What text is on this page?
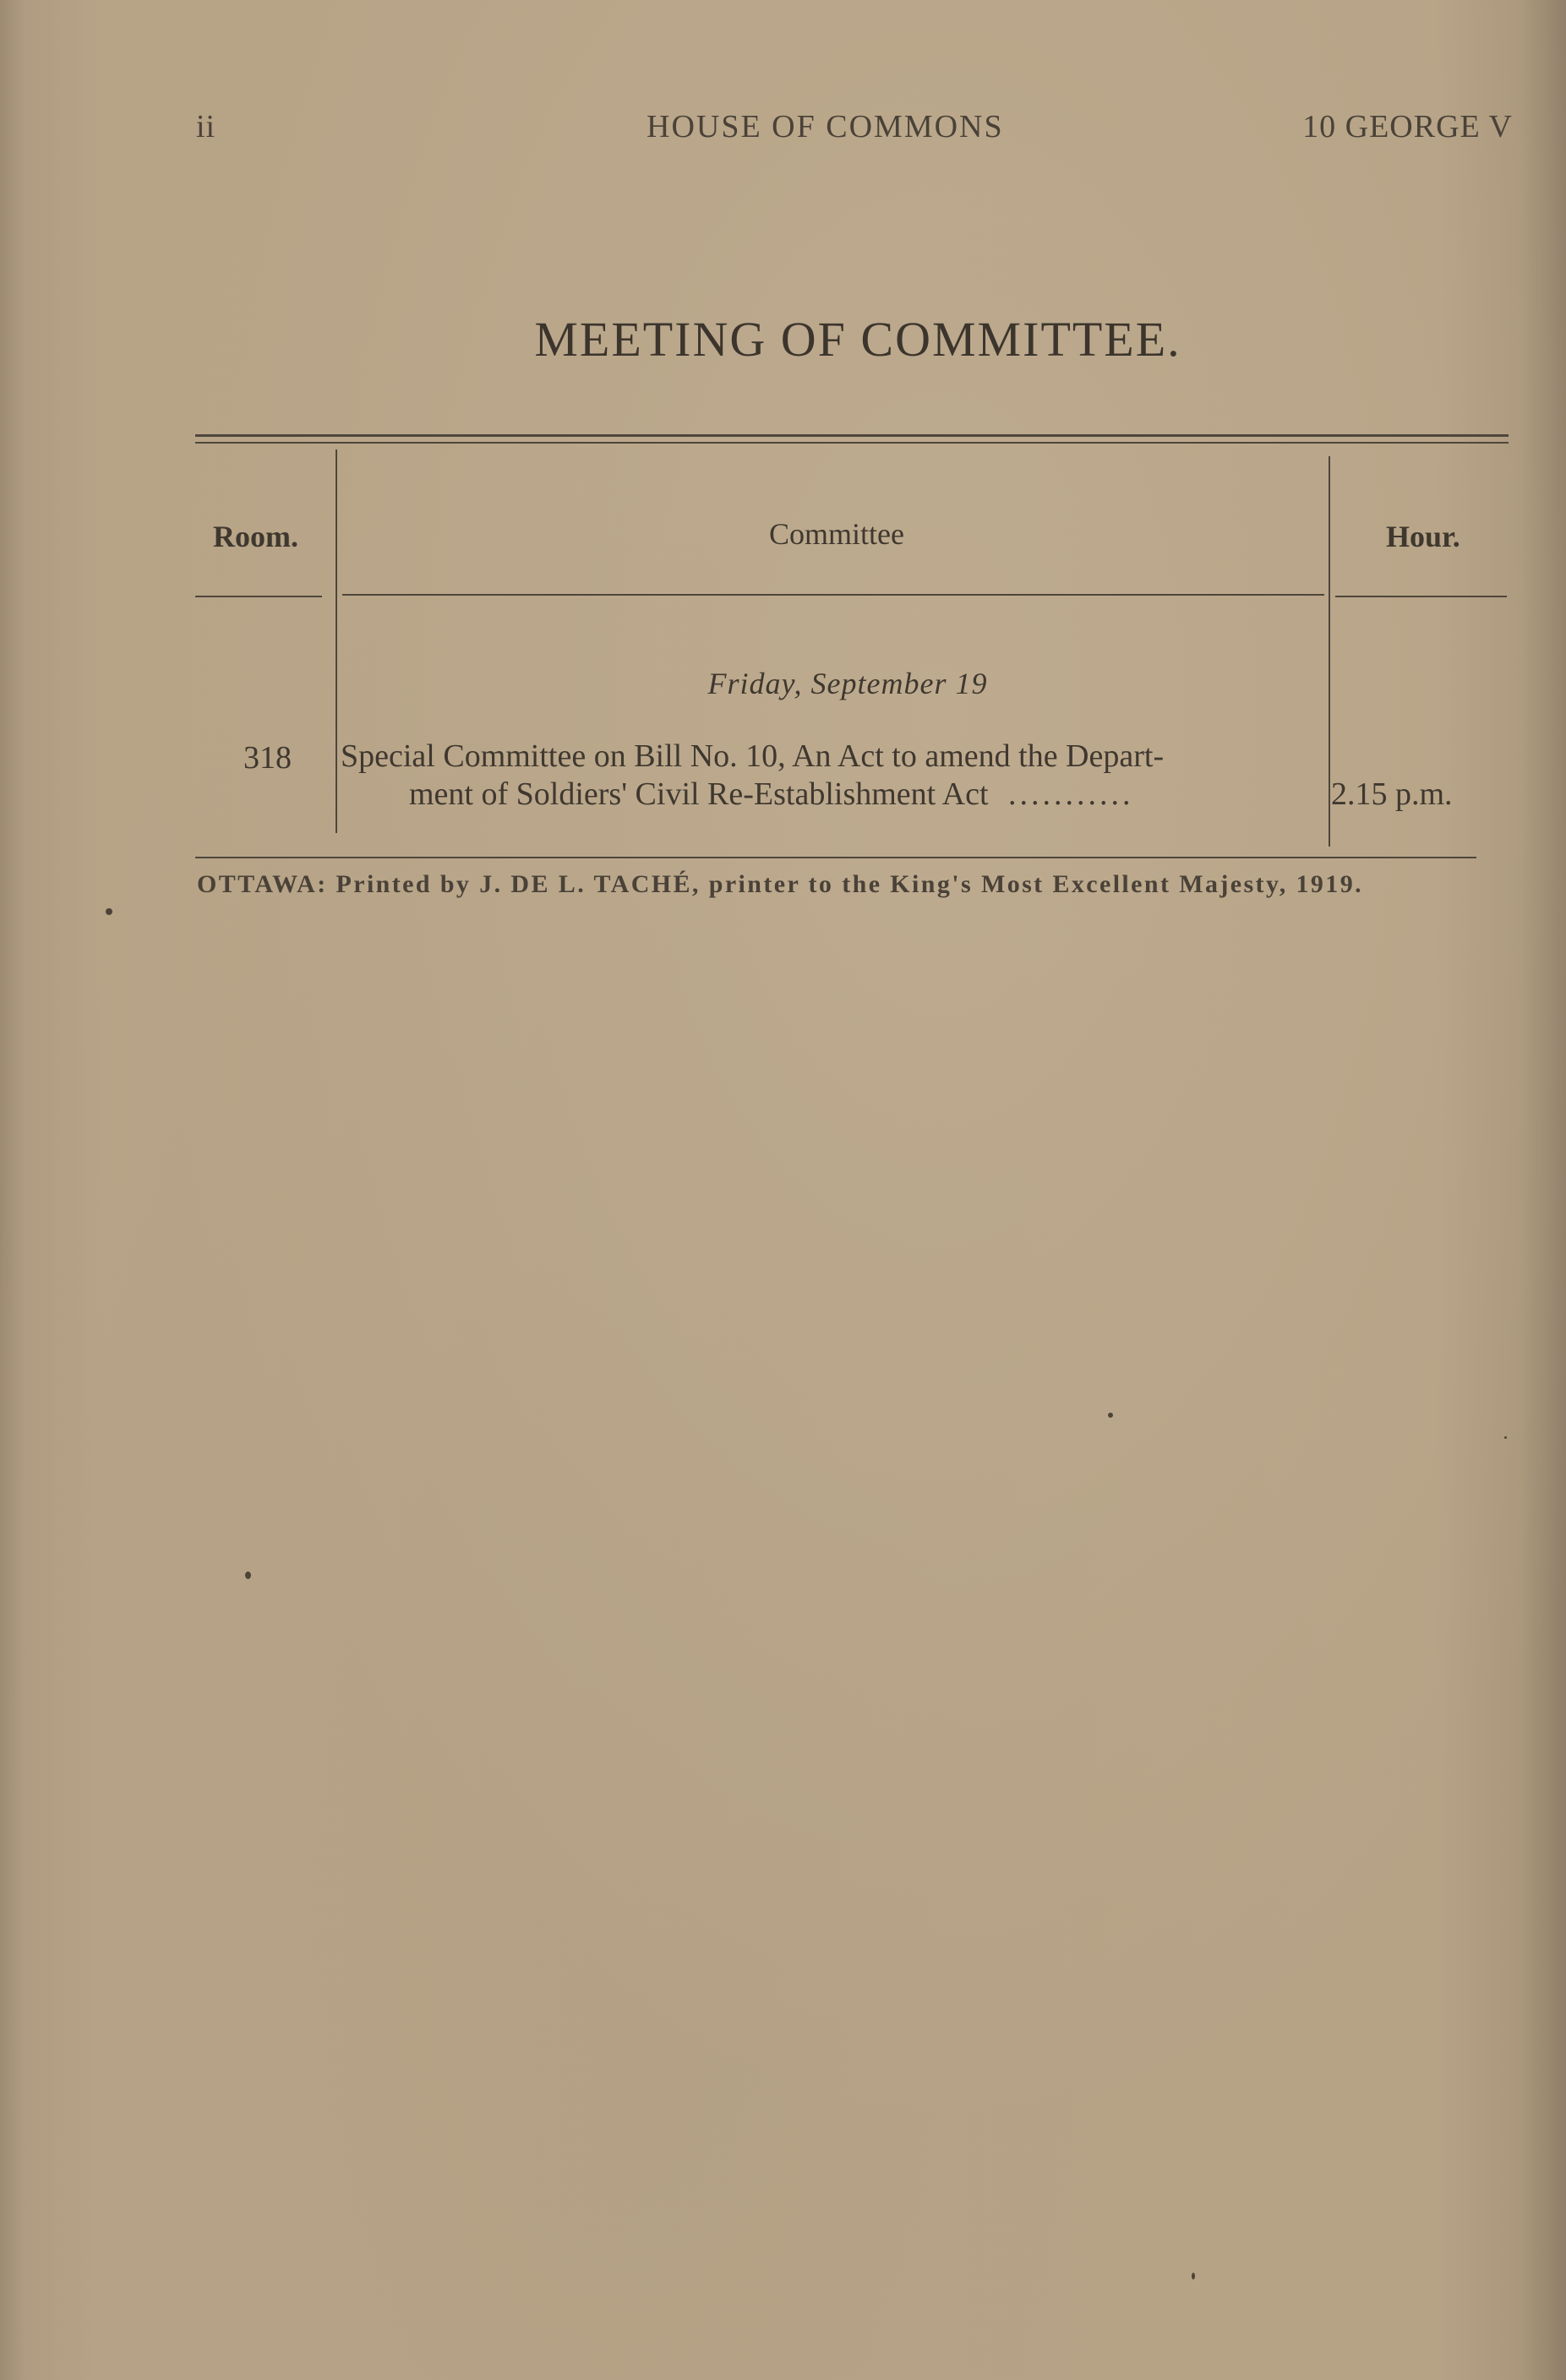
ii	HOUSE OF COMMONS	10 GEORGE V
MEETING OF COMMITTEE.
Room.	Committee	Hour.
Friday, September 19
318 Special Committee on Bill No. 10, An Act to amend the Depart-
ment of Soldiers' Civil Re-Establishment Act ...........	2.15 p.m.
OTTAWA: Printed by J. DE L. TACHÉ, printer to the King's Most Excellent Majesty, 1919.
